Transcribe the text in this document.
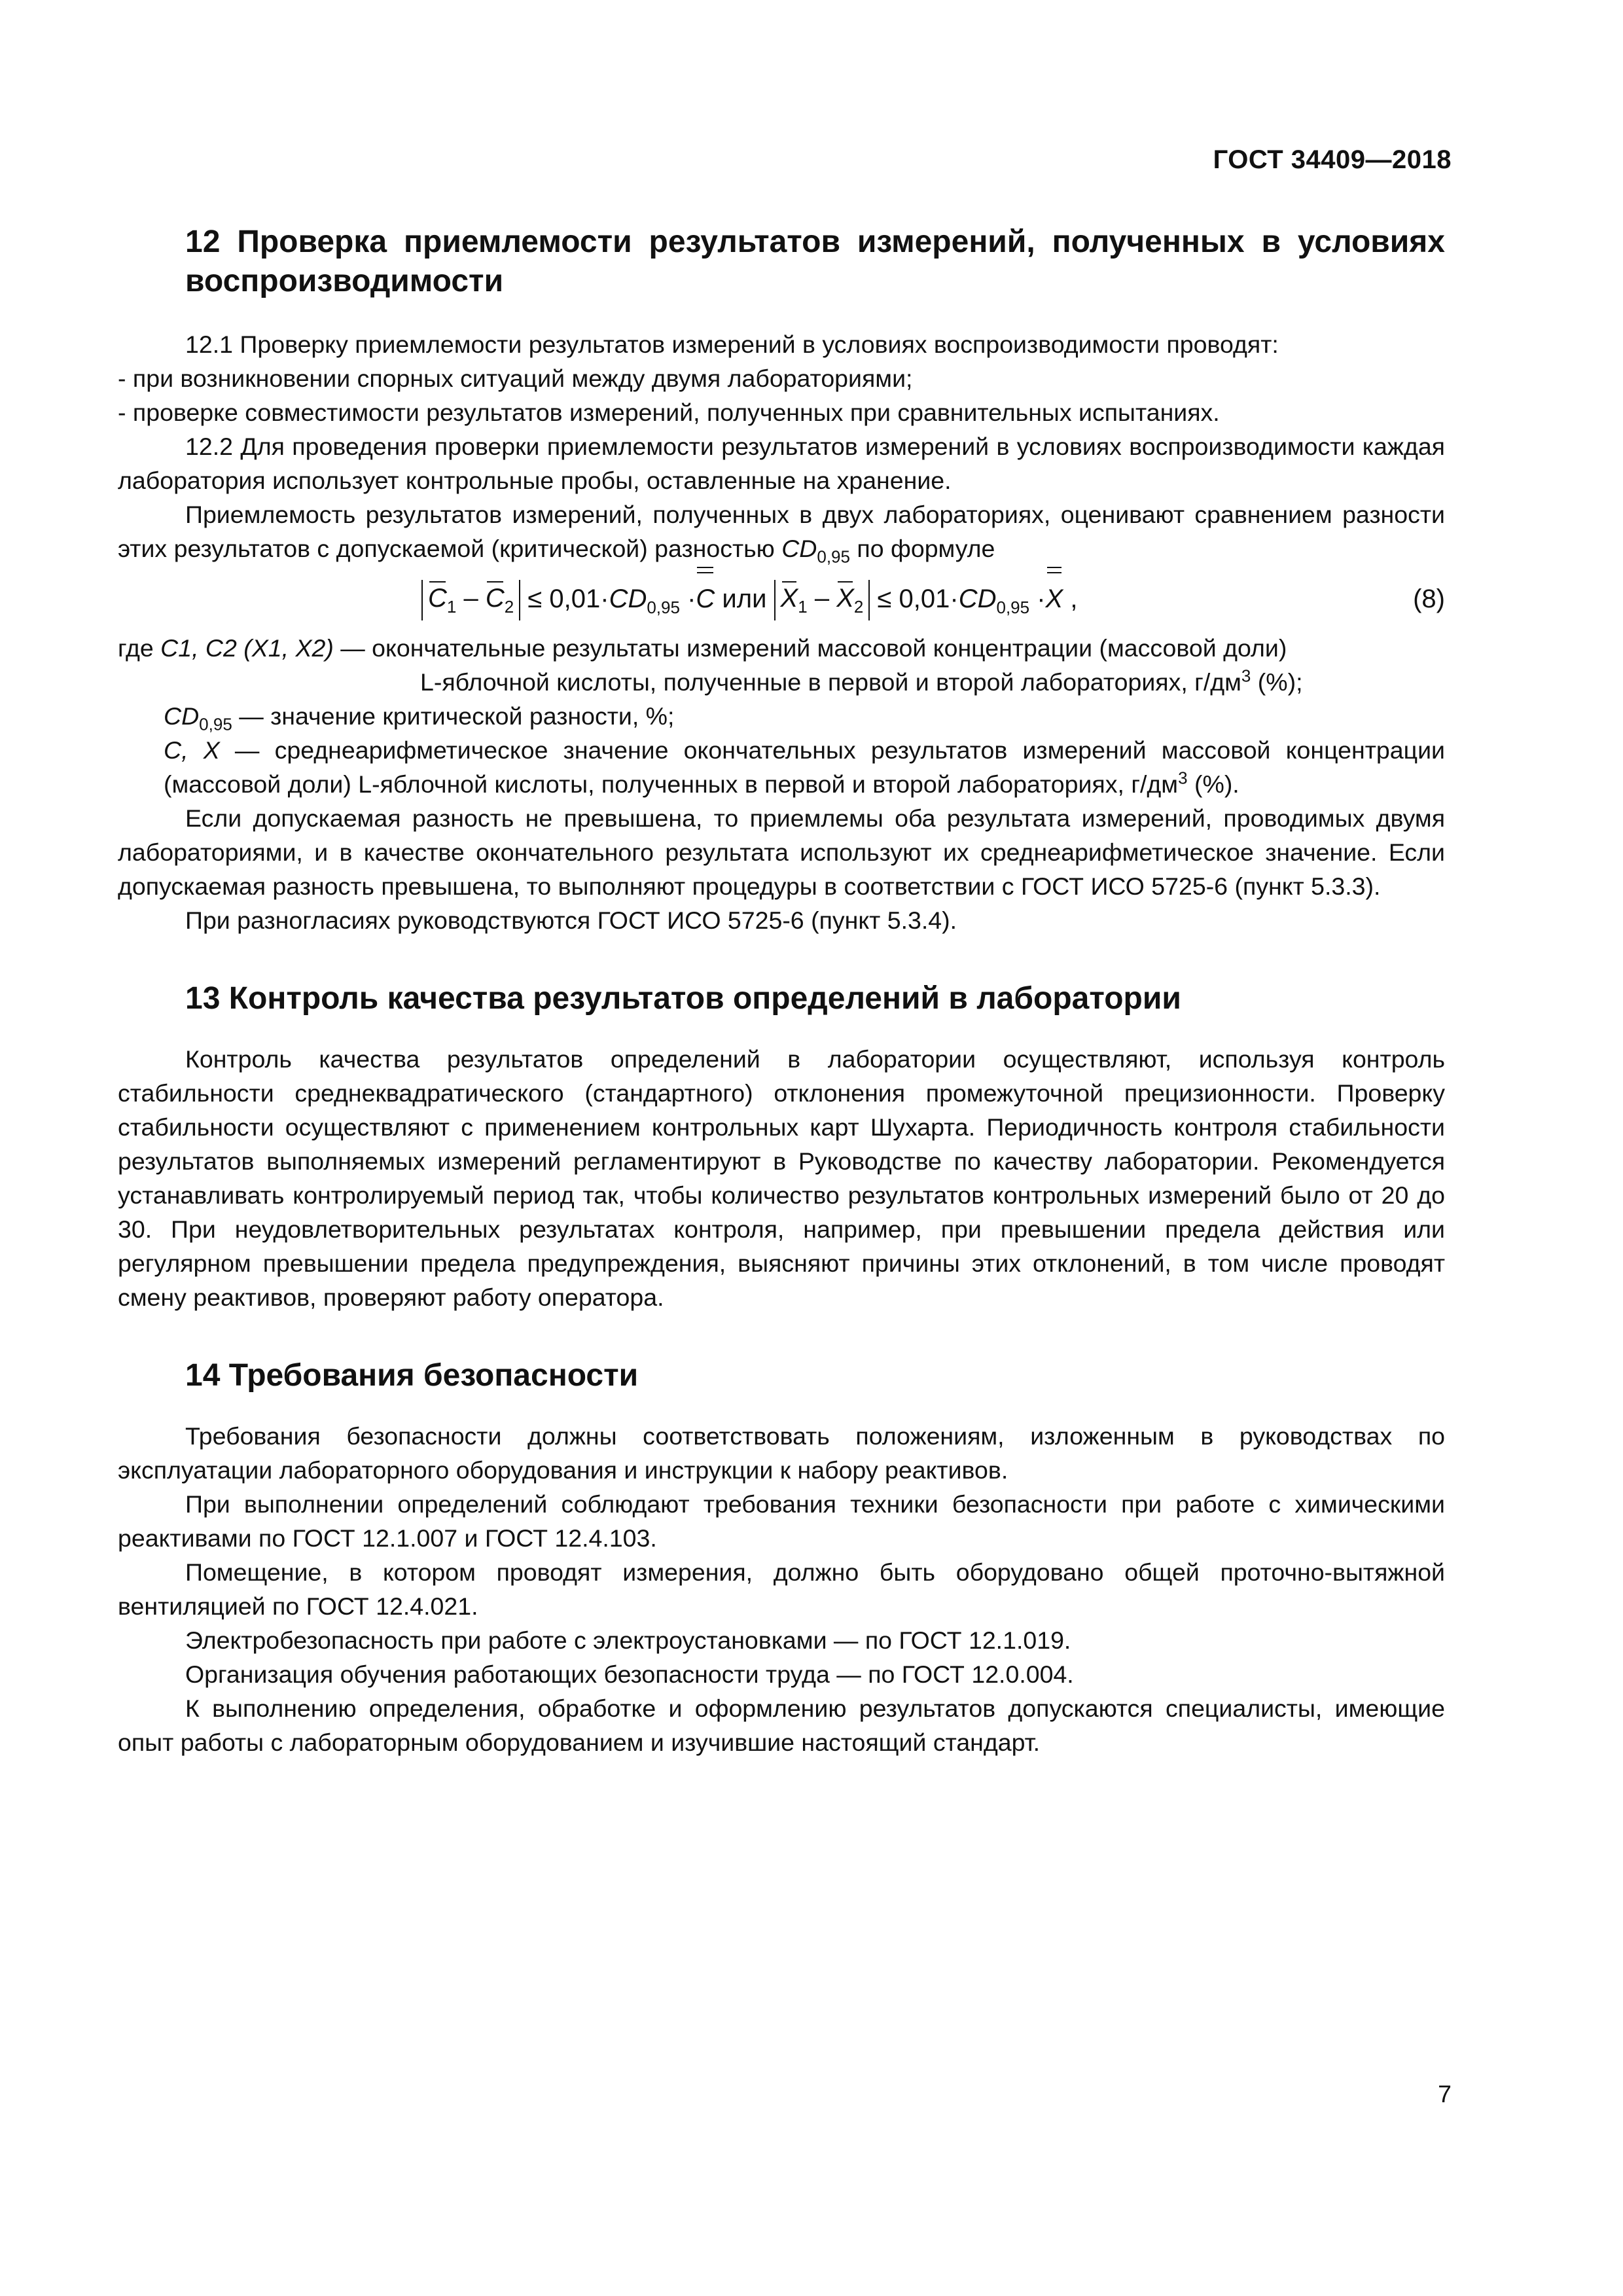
ГОСТ 34409—2018
12 Проверка приемлемости результатов измерений, полученных в условиях воспроизводимости

12.1 Проверку приемлемости результатов измерений в условиях воспроизводимости проводят:

- при возникновении спорных ситуаций между двумя лабораториями;

- проверке совместимости результатов измерений, полученных при сравнительных испытаниях.

12.2 Для проведения проверки приемлемости результатов измерений в условиях воспроизводимости каждая лаборатория использует контрольные пробы, оставленные на хранение.

Приемлемость результатов измерений, полученных в двух лабораториях, оценивают сравнением разности этих результатов с допускаемой (критической) разностью $CD_{0,95}$ по формуле

$C_1 - C_2 \le 0,01\cdot CD_{0,95} \cdot C$ или $X_1 - X_2 \le 0,01\cdot CD_{0,95} \cdot X$ ,	(8)

где C1, C2 (X1, X2) — окончательные результаты измерений массовой концентрации (массовой доли)

L-яблочной кислоты, полученные в первой и второй лабораториях, $г/дм^3$ (%);

$CD_{0,95}$ — значение критической разности, %;

C, X — среднеарифметическое значение окончательных результатов измерений массовой концентрации (массовой доли) L-яблочной кислоты, полученных в первой и второй лабораториях, $г/дм^3$ (%).

Если допускаемая разность не превышена, то приемлемы оба результата измерений, проводимых двумя лабораториями, и в качестве окончательного результата используют их среднеарифметическое значение. Если допускаемая разность превышена, то выполняют процедуры в соответствии с ГОСТ ИСО 5725-6 (пункт 5.3.3).

При разногласиях руководствуются ГОСТ ИСО 5725-6 (пункт 5.3.4).

13 Контроль качества результатов определений в лаборатории

Контроль качества результатов определений в лаборатории осуществляют, используя контроль стабильности среднеквадратического (стандартного) отклонения промежуточной прецизионности. Проверку стабильности осуществляют с применением контрольных карт Шухарта. Периодичность контроля стабильности результатов выполняемых измерений регламентируют в Руководстве по качеству лаборатории. Рекомендуется устанавливать контролируемый период так, чтобы количество результатов контрольных измерений было от 20 до 30. При неудовлетворительных результатах контроля, например, при превышении предела действия или регулярном превышении предела предупреждения, выясняют причины этих отклонений, в том числе проводят смену реактивов, проверяют работу оператора.

14 Требования безопасности

Требования безопасности должны соответствовать положениям, изложенным в руководствах по эксплуатации лабораторного оборудования и инструкции к набору реактивов.

При выполнении определений соблюдают требования техники безопасности при работе с химическими реактивами по ГОСТ 12.1.007 и ГОСТ 12.4.103.

Помещение, в котором проводят измерения, должно быть оборудовано общей проточно-вытяжной вентиляцией по ГОСТ 12.4.021.

Электробезопасность при работе с электроустановками — по ГОСТ 12.1.019.

Организация обучения работающих безопасности труда — по ГОСТ 12.0.004.

К выполнению определения, обработке и оформлению результатов допускаются специалисты, имеющие опыт работы с лабораторным оборудованием и изучившие настоящий стандарт.

7
